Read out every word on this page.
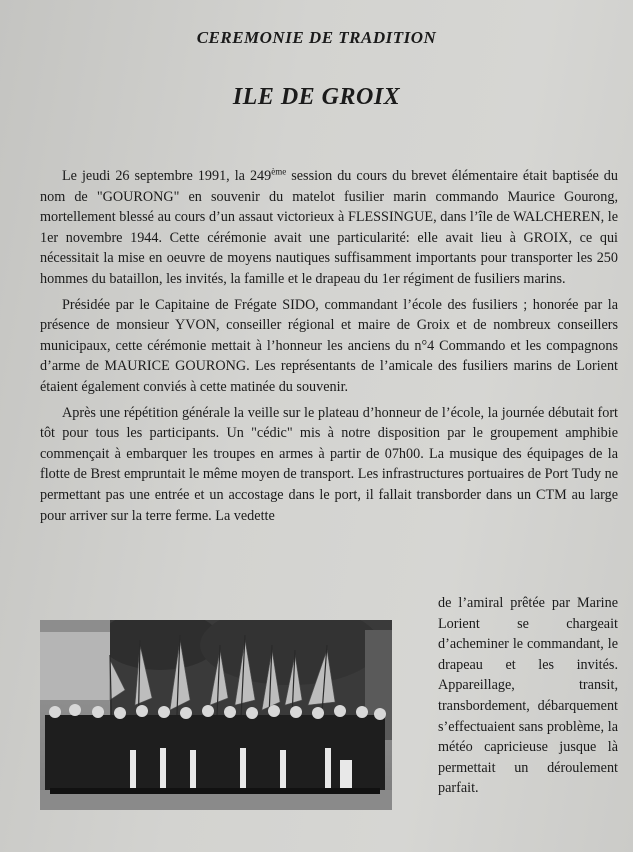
CEREMONIE DE TRADITION
ILE DE GROIX

Le jeudi 26 septembre 1991, la 249ème session du cours du brevet élémentaire était baptisée du nom de "GOURONG" en souvenir du matelot fusilier marin commando Maurice Gourong, mortellement blessé au cours d’un assaut victorieux à FLESSINGUE, dans l’île de WALCHEREN, le 1er novembre 1944. Cette cérémonie avait une particularité: elle avait lieu à GROIX, ce qui nécessitait la mise en oeuvre de moyens nautiques suffisamment importants pour transporter les 250 hommes du bataillon, les invités, la famille et le drapeau du 1er régiment de fusiliers marins.

Présidée par le Capitaine de Frégate SIDO, commandant l’école des fusiliers ; honorée par la présence de monsieur YVON, conseiller régional et maire de Groix et de nombreux conseillers municipaux, cette cérémonie mettait à l’honneur les anciens du n°4 Commando et les compagnons d’arme de MAURICE GOURONG. Les représentants de l’amicale des fusiliers marins de Lorient étaient également conviés à cette matinée du souvenir.

Après une répétition générale la veille sur le plateau d’honneur de l’école, la journée débutait fort tôt pour tous les participants. Un "cédic" mis à notre disposition par le groupement amphibie commençait à embarquer les troupes en armes à partir de 07h00. La musique des équipages de la flotte de Brest empruntait le même moyen de transport. Les infrastructures portuaires de Port Tudy ne permettant pas une entrée et un accostage dans le port, il fallait transborder dans un CTM au large pour arriver sur la terre ferme. La vedette

de l’amiral prêtée par Marine Lorient se chargeait d’acheminer le commandant, le drapeau et les invités. Appareillage, transit, transbordement, débarquement s’effectuaient sans problème, la météo capricieuse jusque là permettait un déroulement parfait.
